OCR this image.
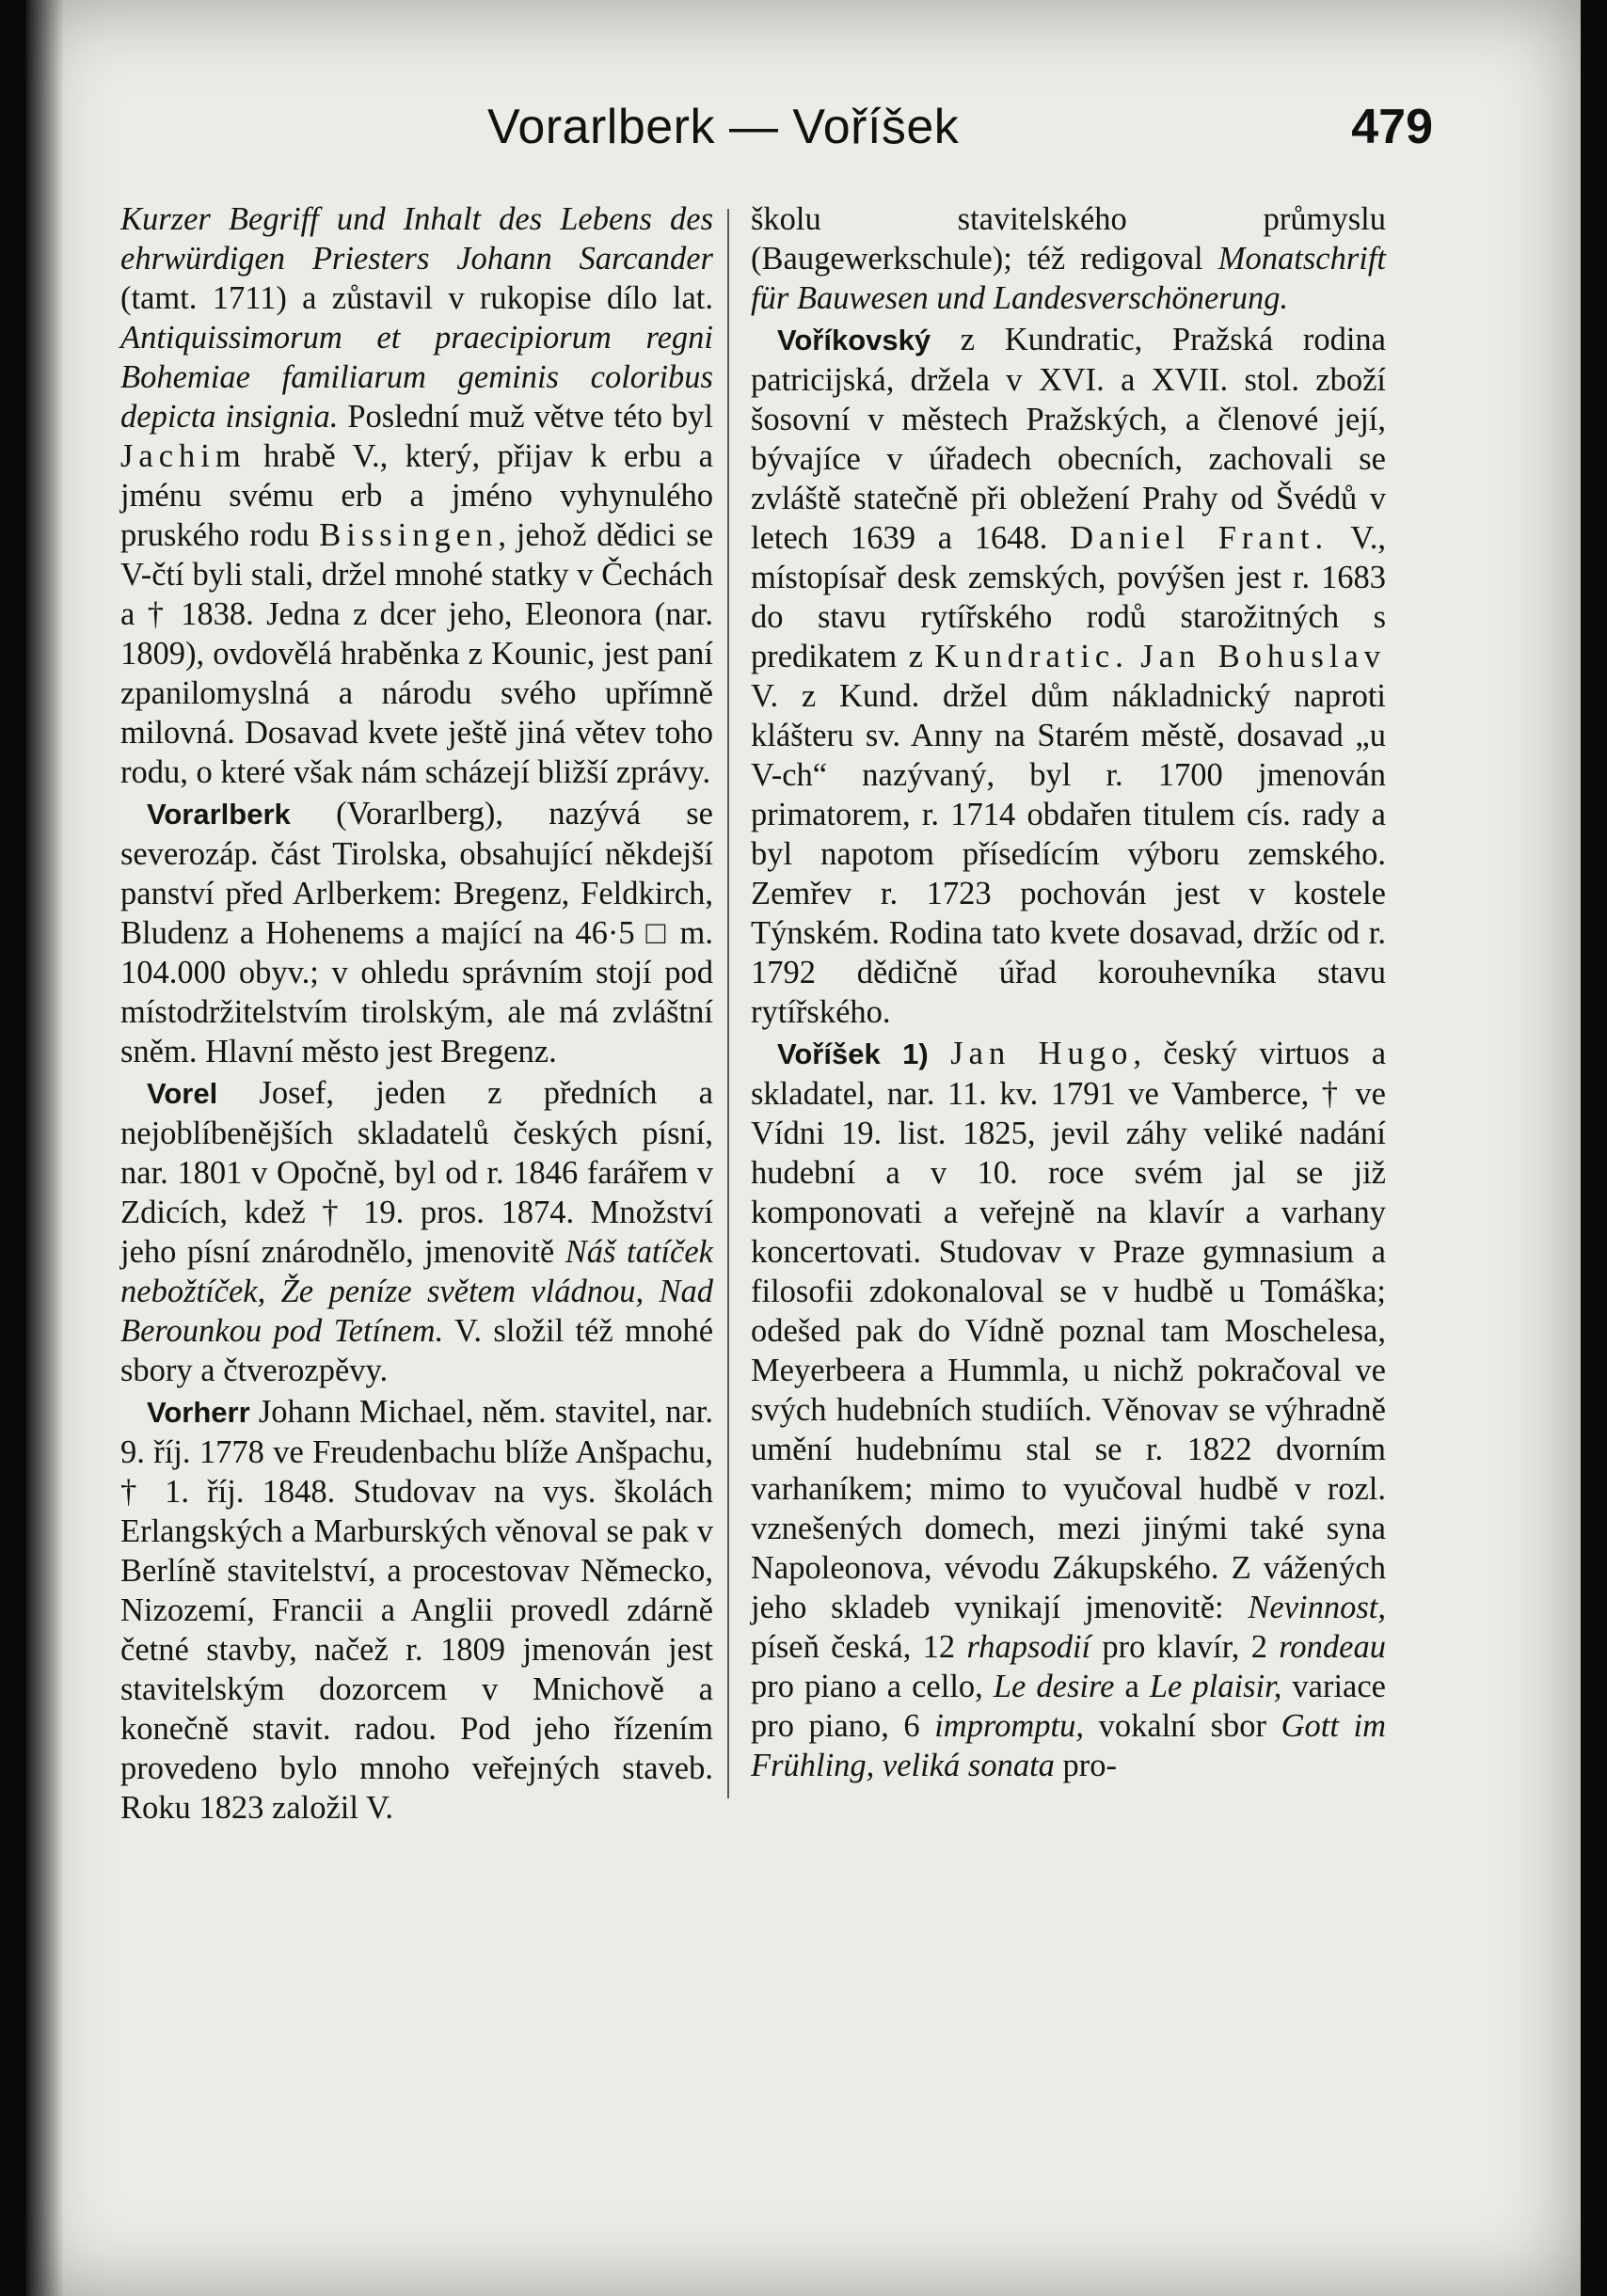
Vorarlberk — Voříšek	479

Kurzer Begriff und Inhalt des Lebens des ehrwürdigen Priesters Johann Sarcander (tamt. 1711) a zůstavil v rukopise dílo lat. Antiquissimorum et praecipiorum regni Bohemiae familiarum geminis coloribus depicta insignia. Poslední muž větve této byl Jachim hrabě V., který, přijav k erbu a jménu svému erb a jméno vyhynulého pruského rodu Bissingen, jehož dědici se V-čtí byli stali, držel mnohé statky v Čechách a † 1838. Jedna z dcer jeho, Eleonora (nar. 1809), ovdovělá hraběnka z Kounic, jest paní zpanilomyslná a národu svého upřímně milovná. Dosavad kvete ještě jiná větev toho rodu, o které však nám scházejí bližší zprávy.

Vorarlberk (Vorarlberg), nazývá se severozáp. část Tirolska, obsahující někdejší panství před Arlberkem: Bregenz, Feldkirch, Bludenz a Hohenems a mající na 46·5 □ m. 104.000 obyv.; v ohledu správním stojí pod místodržitelstvím tirolským, ale má zvláštní sněm. Hlavní město jest Bregenz.

Vorel Josef, jeden z předních a nejoblíbenějších skladatelů českých písní, nar. 1801 v Opočně, byl od r. 1846 farářem v Zdicích, kdež † 19. pros. 1874. Množství jeho písní znárodnělo, jmenovitě Náš tatíček nebožtíček, Že peníze světem vládnou, Nad Berounkou pod Tetínem. V. složil též mnohé sbory a čtverozpěvy.

Vorherr Johann Michael, něm. stavitel, nar. 9. říj. 1778 ve Freudenbachu blíže Anšpachu, † 1. říj. 1848. Studovav na vys. školách Erlangských a Marburských věnoval se pak v Berlíně stavitelství, a procestovav Německo, Nizozemí, Francii a Anglii provedl zdárně četné stavby, načež r. 1809 jmenován jest stavitelským dozorcem v Mnichově a konečně stavit. radou. Pod jeho řízením provedeno bylo mnoho veřejných staveb. Roku 1823 založil V.

školu stavitelského průmyslu (Baugewerkschule); též redigoval Monatschrift für Bauwesen und Landesverschönerung.

Voříkovský z Kundratic, Pražská rodina patricijská, držela v XVI. a XVII. stol. zboží šosovní v městech Pražských, a členové její, bývajíce v úřadech obecních, zachovali se zvláště statečně při obležení Prahy od Švédů v letech 1639 a 1648. Daniel Frant. V., místopísař desk zemských, povýšen jest r. 1683 do stavu rytířského rodů starožitných s predikatem z Kundratic. Jan Bohuslav V. z Kund. držel dům nákladnický naproti klášteru sv. Anny na Starém městě, dosavad „u V-ch“ nazývaný, byl r. 1700 jmenován primatorem, r. 1714 obdařen titulem cís. rady a byl napotom přísedícím výboru zemského. Zemřev r. 1723 pochován jest v kostele Týnském. Rodina tato kvete dosavad, držíc od r. 1792 dědičně úřad korouhevníka stavu rytířského.

Voříšek 1) Jan Hugo, český virtuos a skladatel, nar. 11. kv. 1791 ve Vamberce, † ve Vídni 19. list. 1825, jevil záhy veliké nadání hudební a v 10. roce svém jal se již komponovati a veřejně na klavír a varhany koncertovati. Studovav v Praze gymnasium a filosofii zdokonaloval se v hudbě u Tomáška; odešed pak do Vídně poznal tam Moschelesa, Meyerbeera a Hummla, u nichž pokračoval ve svých hudebních studiích. Věnovav se výhradně umění hudebnímu stal se r. 1822 dvorním varhaníkem; mimo to vyučoval hudbě v rozl. vznešených domech, mezi jinými také syna Napoleonova, vévodu Zákupského. Z vážených jeho skladeb vynikají jmenovitě: Nevinnost, píseň česká, 12 rhapsodií pro klavír, 2 rondeau pro piano a cello, Le desire a Le plaisir, variace pro piano, 6 impromptu, vokalní sbor Gott im Frühling, veliká sonata pro-
